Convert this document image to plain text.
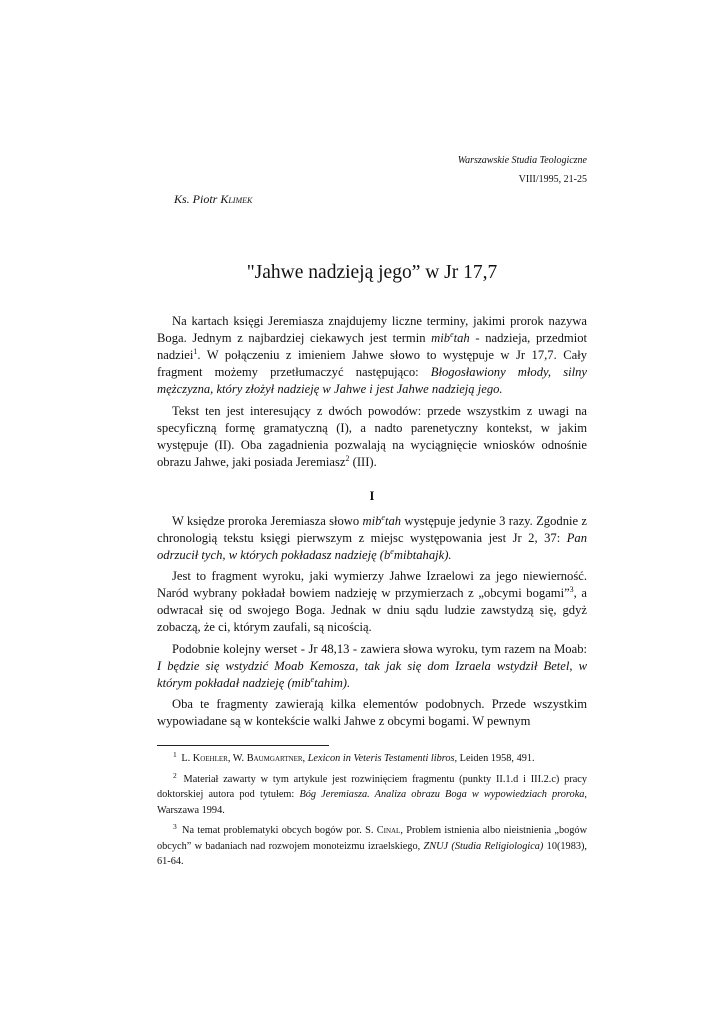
Warszawskie Studia Teologiczne
VIII/1995, 21-25
Ks. Piotr Klimek
"Jahwe nadzieją jego” w Jr 17,7

Na kartach księgi Jeremiasza znajdujemy liczne terminy, jakimi prorok nazywa Boga. Jednym z najbardziej ciekawych jest termin mib$^e$tah - nadzieja, przedmiot nadziei$^1$. W połączeniu z imieniem Jahwe słowo to występuje w Jr 17,7. Cały fragment możemy przetłumaczyć następująco: Błogosławiony młody, silny mężczyzna, który złożył nadzieję w Jahwe i jest Jahwe nadzieją jego.

Tekst ten jest interesujący z dwóch powodów: przede wszystkim z uwagi na specyficzną formę gramatyczną (I), a nadto parenetyczny kontekst, w jakim występuje (II). Oba zagadnienia pozwalają na wyciągnięcie wniosków odnośnie obrazu Jahwe, jaki posiada Jeremiasz$^2$ (III).

I

W księdze proroka Jeremiasza słowo mib$^e$tah występuje jedynie 3 razy. Zgodnie z chronologią tekstu księgi pierwszym z miejsc występowania jest Jr 2, 37: Pan odrzucił tych, w których pokładasz nadzieję $(b^emibtahajk)$.

Jest to fragment wyroku, jaki wymierzy Jahwe Izraelowi za jego niewierność. Naród wybrany pokładał bowiem nadzieję w przymierzach z „obcymi bogami”$^3$, a odwracał się od swojego Boga. Jednak w dniu sądu ludzie zawstydzą się, gdyż zobaczą, że ci, którym zaufali, są nicością.

Podobnie kolejny werset - Jr 48,13 - zawiera słowa wyroku, tym razem na Moab: I będzie się wstydzić Moab Kemosza, tak jak się dom Izraela wstydził Betel, w którym pokładał nadzieję (mib$^e$tahim).

Oba te fragmenty zawierają kilka elementów podobnych. Przede wszystkim wypowiadane są w kontekście walki Jahwe z obcymi bogami. W pewnym

$^1$ L. Koehler, W. Baumgartner, Lexicon in Veteris Testamenti libros, Leiden 1958, 491.

$^2$ Materiał zawarty w tym artykule jest rozwinięciem fragmentu (punkty II.1.d i III.2.c) pracy doktorskiej autora pod tytułem: Bóg Jeremiasza. Analiza obrazu Boga w wypowiedziach proroka, Warszawa 1994.

$^3$ Na temat problematyki obcych bogów por. S. Cinal, Problem istnienia albo nieistnienia „bogów obcych” w badaniach nad rozwojem monoteizmu izraelskiego, ZNUJ (Studia Religiologica) 10(1983), 61-64.
